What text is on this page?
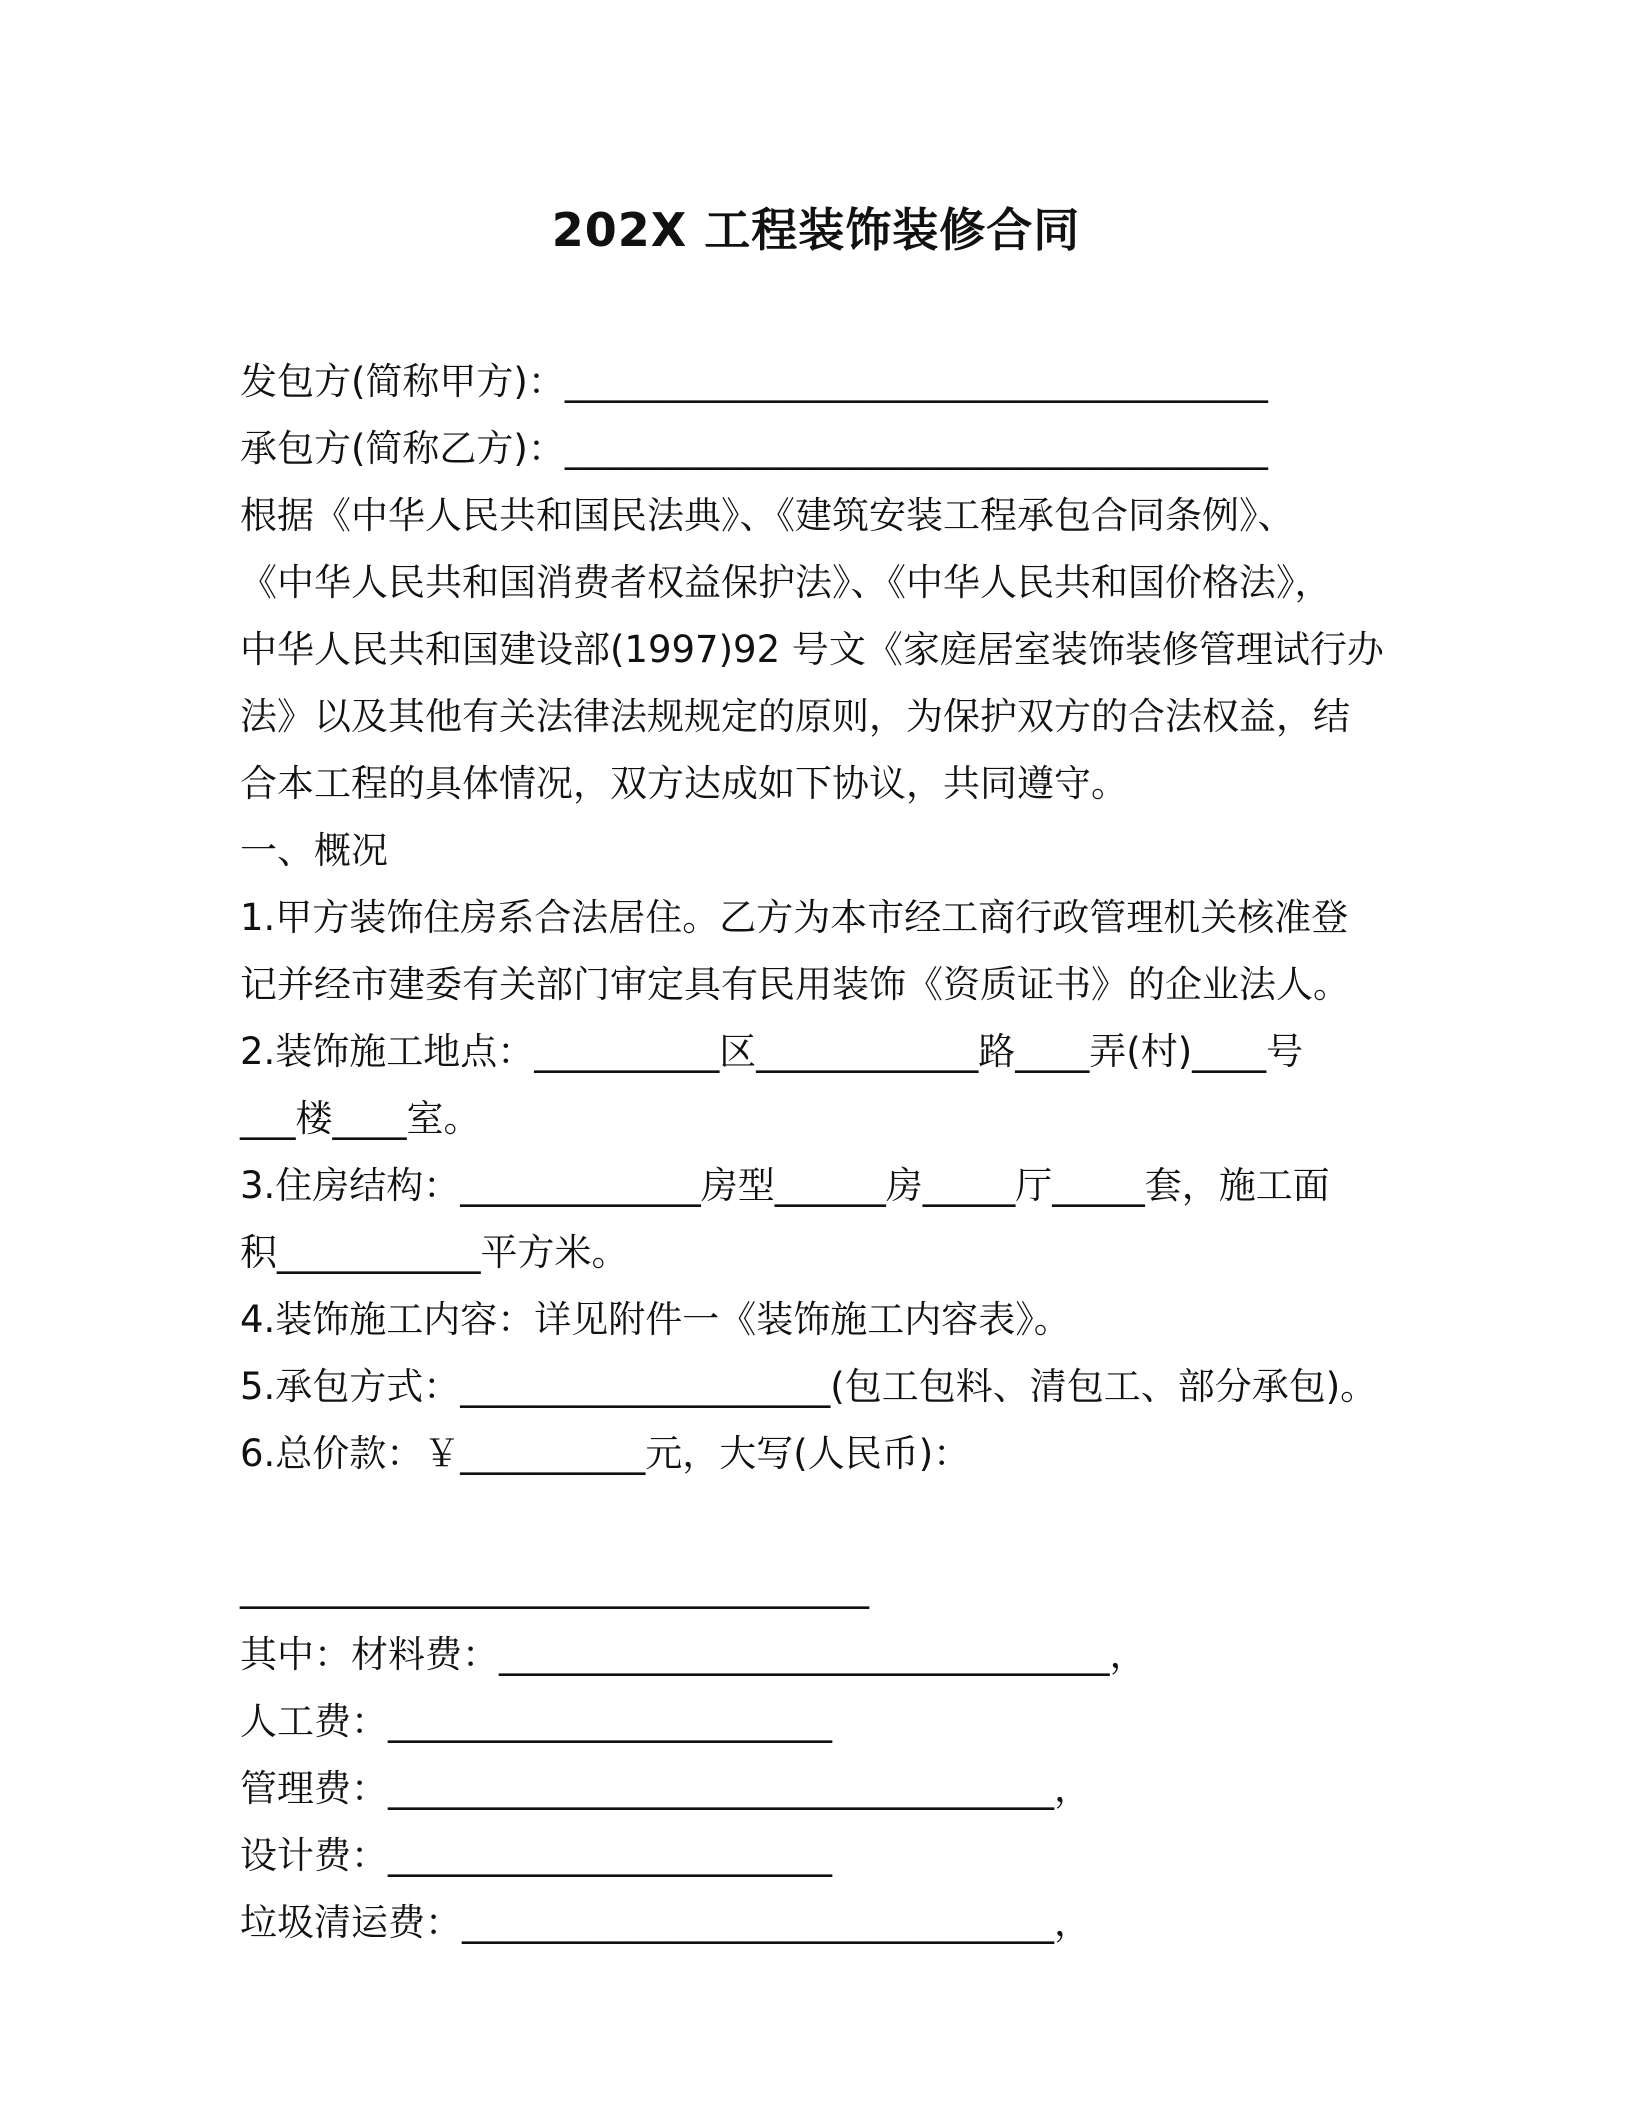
202X 工程装饰装修合同
发包方(简称甲方)：______________________________________
承包方(简称乙方)：______________________________________
根据《中华人民共和国民法典》、《建筑安装工程承包合同条例》、
《中华人民共和国消费者权益保护法》、《中华人民共和国价格法》，
中华人民共和国建设部(1997)92 号文《家庭居室装饰装修管理试行办
法》以及其他有关法律法规规定的原则，为保护双方的合法权益，结
合本工程的具体情况，双方达成如下协议，共同遵守。
一、概况
1.甲方装饰住房系合法居住。乙方为本市经工商行政管理机关核准登
记并经市建委有关部门审定具有民用装饰《资质证书》的企业法人。
2.装饰施工地点：__________区____________路____弄(村)____号
___楼____室。
3.住房结构：_____________房型______房_____厅_____套，施工面
积___________平方米。
4.装饰施工内容：详见附件一《装饰施工内容表》。
5.承包方式：____________________(包工包料、清包工、部分承包)。
6.总价款：￥__________元，大写(人民币)：
__________________________________
其中：材料费：_________________________________，
人工费：________________________
管理费：____________________________________，
设计费：________________________
垃圾清运费：________________________________，
